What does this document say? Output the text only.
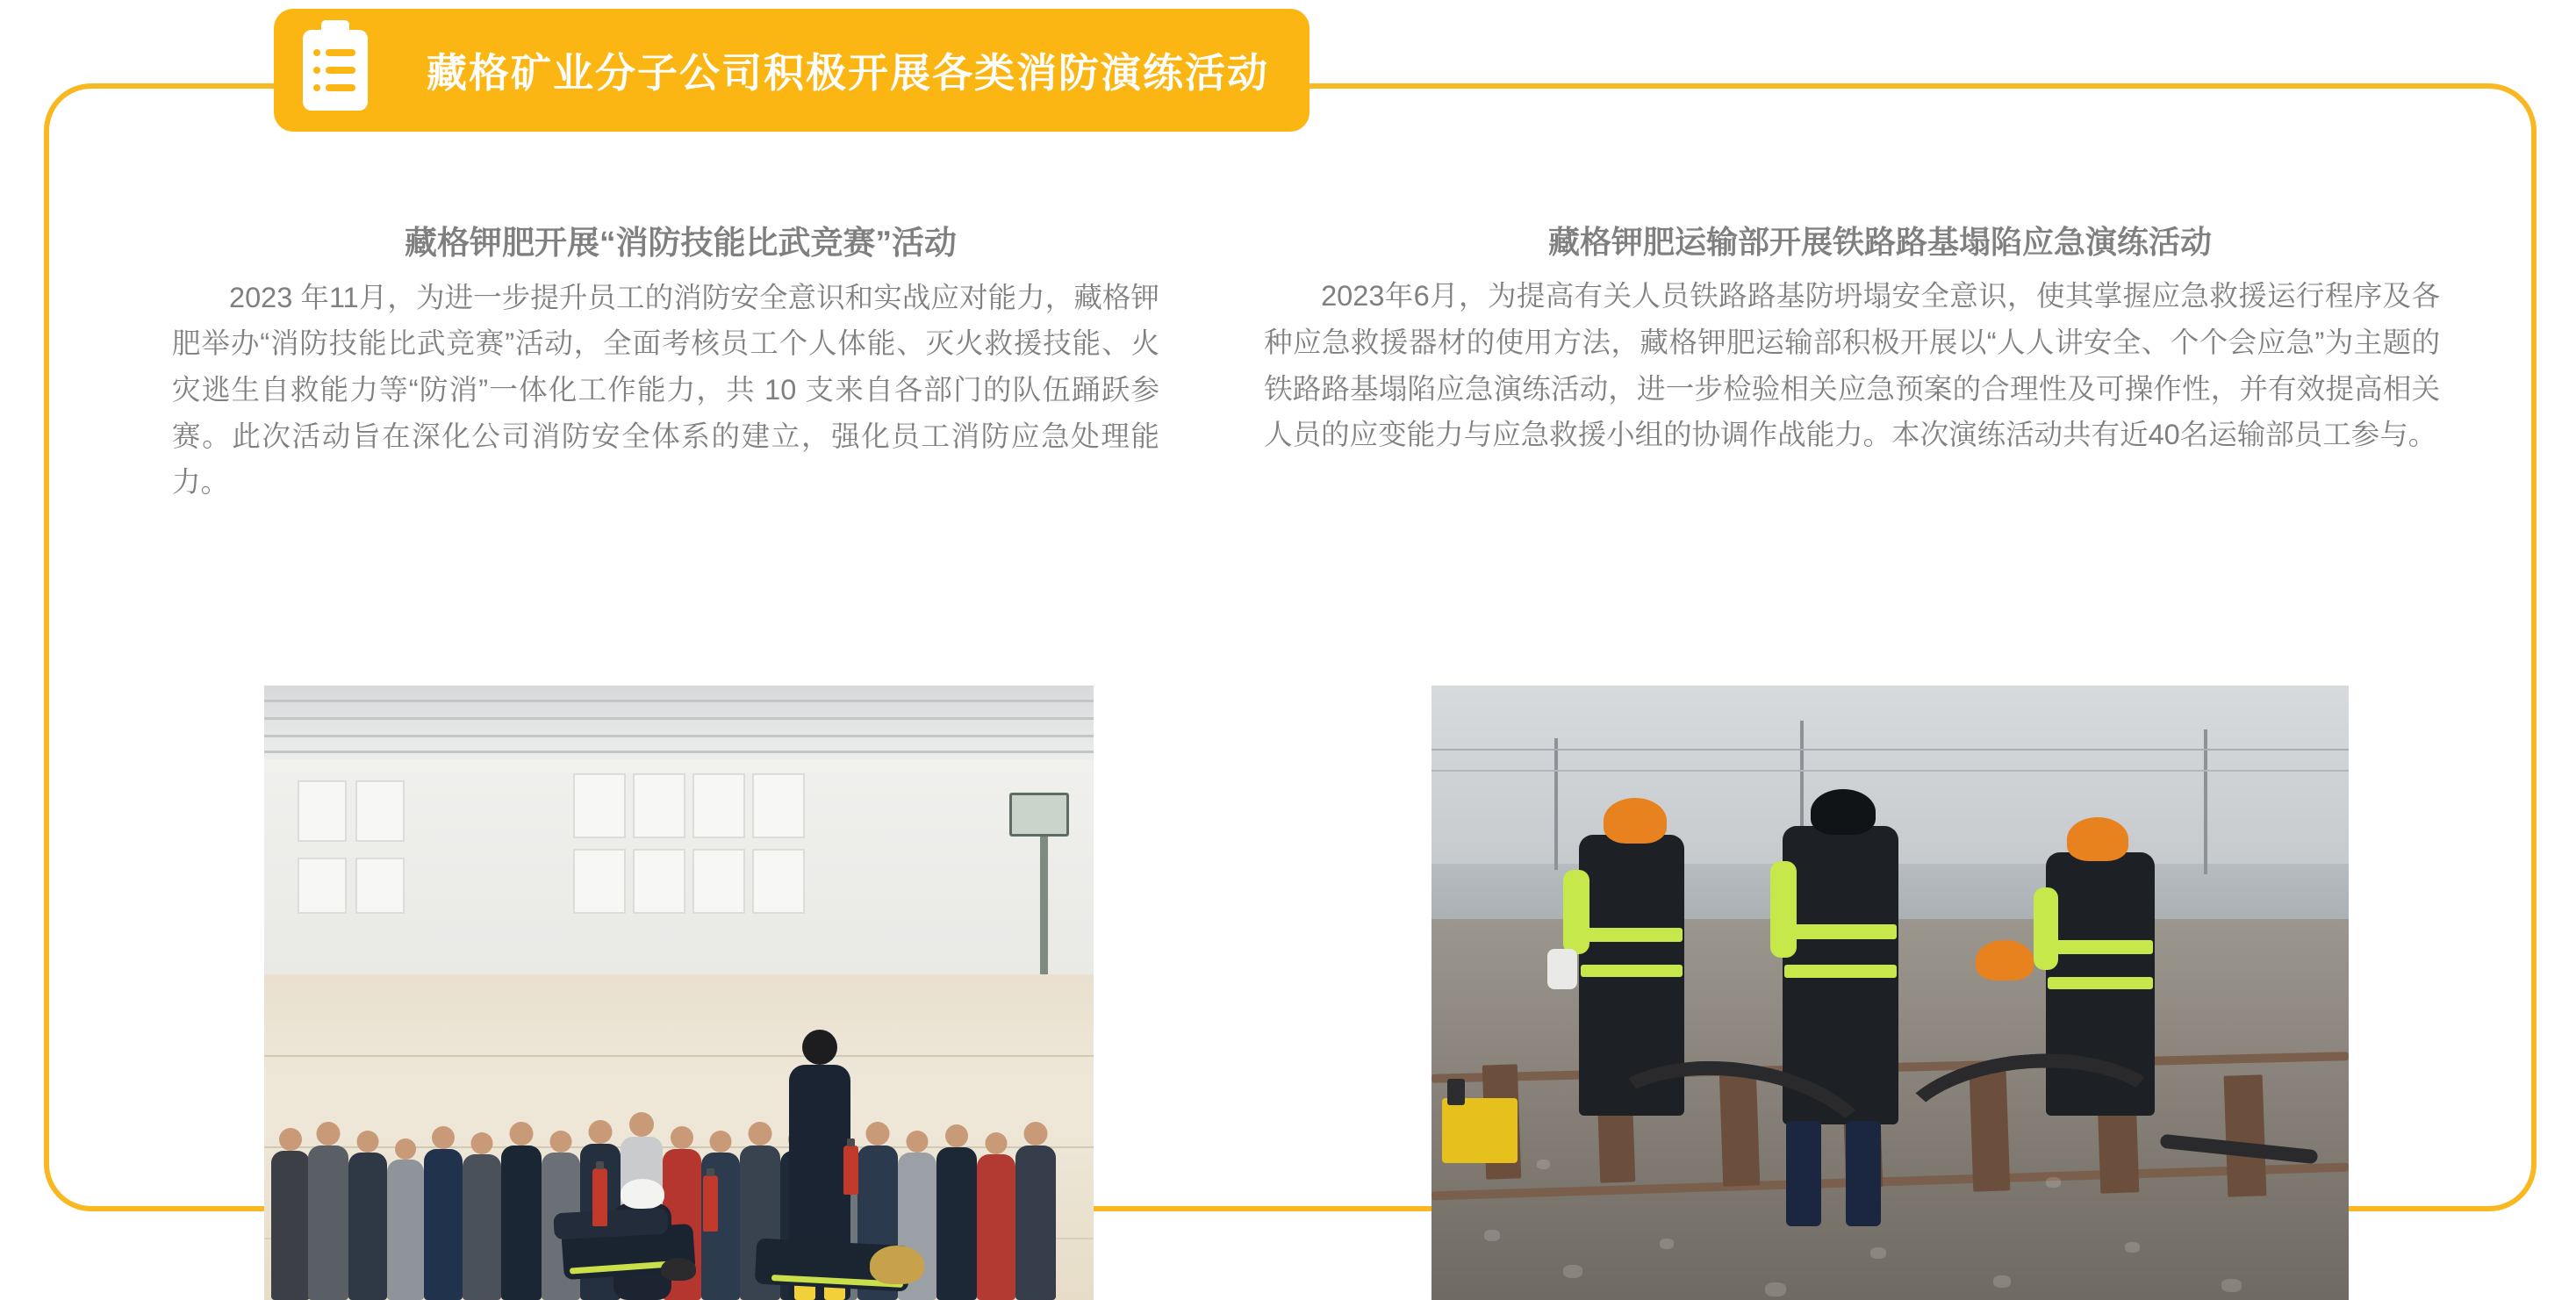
藏格钾肥开展“消防技能比武竞赛”活动

2023 年11月，为进一步提升员工的消防安全意识和实战应对能力，藏格钾肥举办“消防技能比武竞赛”活动，全面考核员工个人体能、灭火救援技能、火灾逃生自救能力等“防消”一体化工作能力，共 10 支来自各部门的队伍踊跃参赛。此次活动旨在深化公司消防安全体系的建立，强化员工消防应急处理能力。

藏格钾肥运输部开展铁路路基塌陷应急演练活动

2023年6月，为提高有关人员铁路路基防坍塌安全意识，使其掌握应急救援运行程序及各种应急救援器材的使用方法，藏格钾肥运输部积极开展以“人人讲安全、个个会应急”为主题的铁路路基塌陷应急演练活动，进一步检验相关应急预案的合理性及可操作性，并有效提高相关人员的应变能力与应急救援小组的协调作战能力。本次演练活动共有近40名运输部员工参与。

藏格矿业分子公司积极开展各类消防演练活动
